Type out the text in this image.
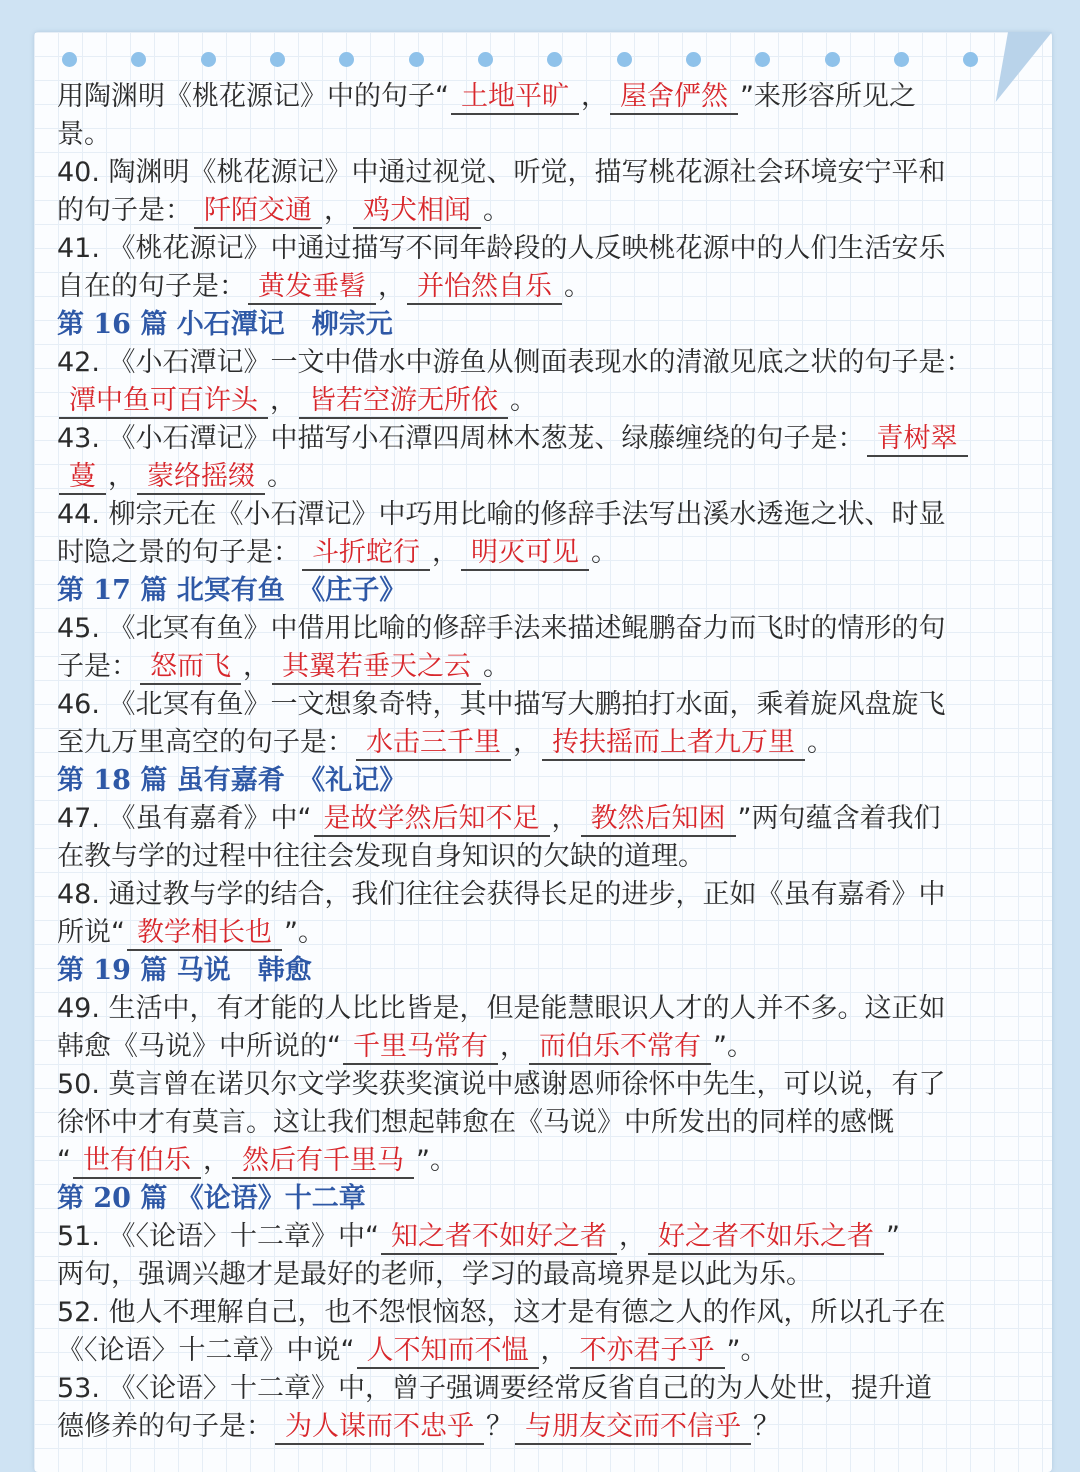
用陶渊明《桃花源记》中的句子“ 土地平旷 ， 屋舍俨然 ”来形容所见之
景。
40. 陶渊明《桃花源记》中通过视觉、听觉，描写桃花源社会环境安宁平和
的句子是： 阡陌交通 ， 鸡犬相闻 。
41. 《桃花源记》中通过描写不同年龄段的人反映桃花源中的人们生活安乐
自在的句子是： 黄发垂髫 ， 并怡然自乐 。
第 16 篇 小石潭记　柳宗元
42. 《小石潭记》一文中借水中游鱼从侧面表现水的清澈见底之状的句子是：
潭中鱼可百许头 ， 皆若空游无所依 。
43. 《小石潭记》中描写小石潭四周林木葱茏、绿藤缠绕的句子是： 青树翠
蔓 ， 蒙络摇缀 。
44. 柳宗元在《小石潭记》中巧用比喻的修辞手法写出溪水透迤之状、时显
时隐之景的句子是： 斗折蛇行 ， 明灭可见 。
第 17 篇 北冥有鱼　《庄子》
45. 《北冥有鱼》中借用比喻的修辞手法来描述鲲鹏奋力而飞时的情形的句
子是： 怒而飞 ， 其翼若垂天之云 。
46. 《北冥有鱼》一文想象奇特，其中描写大鹏拍打水面，乘着旋风盘旋飞
至九万里高空的句子是： 水击三千里 ， 抟扶摇而上者九万里 。
第 18 篇 虽有嘉肴　《礼记》
47. 《虽有嘉肴》中“ 是故学然后知不足 ， 教然后知困 ”两句蕴含着我们
在教与学的过程中往往会发现自身知识的欠缺的道理。
48. 通过教与学的结合，我们往往会获得长足的进步，正如《虽有嘉肴》中
所说“ 教学相长也 ”。
第 19 篇 马说　韩愈
49. 生活中，有才能的人比比皆是，但是能慧眼识人才的人并不多。这正如
韩愈《马说》中所说的“ 千里马常有 ， 而伯乐不常有 ”。
50. 莫言曾在诺贝尔文学奖获奖演说中感谢恩师徐怀中先生，可以说，有了
徐怀中才有莫言。这让我们想起韩愈在《马说》中所发出的同样的感慨
“ 世有伯乐 ， 然后有千里马 ”。
第 20 篇 《论语》十二章
51. 《〈论语〉十二章》中“ 知之者不如好之者 ， 好之者不如乐之者 ”
两句，强调兴趣才是最好的老师，学习的最高境界是以此为乐。
52. 他人不理解自己，也不怨恨恼怒，这才是有德之人的作风，所以孔子在
《〈论语〉十二章》中说“ 人不知而不愠 ， 不亦君子乎 ”。
53. 《〈论语〉十二章》中，曾子强调要经常反省自己的为人处世，提升道
德修养的句子是： 为人谋而不忠乎 ？ 与朋友交而不信乎 ？
